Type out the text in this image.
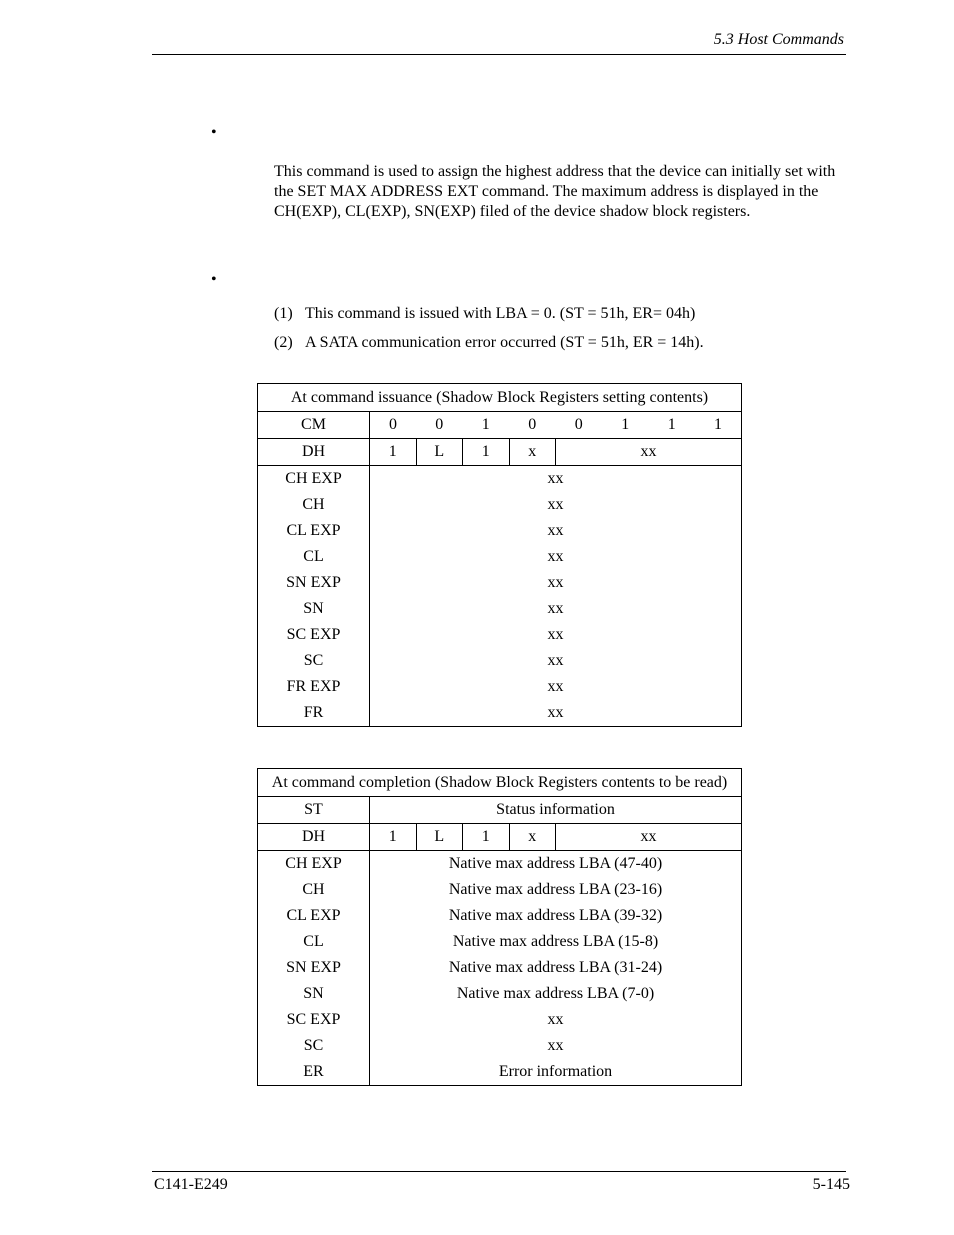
5.3 Host Commands
•
This command is used to assign the highest address that the device can initially set with the SET MAX ADDRESS EXT command. The maximum address is displayed in the CH(EXP), CL(EXP), SN(EXP) filed of the device shadow block registers.
•
(1) This command is issued with LBA = 0. (ST = 51h, ER= 04h)
(2) A SATA communication error occurred (ST = 51h, ER = 14h).
At command issuance (Shadow Block Registers setting contents)								
CM	0	0	1	0	0	1	1	1
DH	1	L	1	x	xx			
CH EXP	xx							
CH	xx							
CL EXP	xx							
CL	xx							
SN EXP	xx							
SN	xx							
SC EXP	xx							
SC	xx							
FR EXP	xx							
FR	xx							
At command completion (Shadow Block Registers contents to be read)					
ST	Status information				
DH	1	L	1	x	xx
CH EXP	Native max address LBA (47-40)				
CH	Native max address LBA (23-16)				
CL EXP	Native max address LBA (39-32)				
CL	Native max address LBA (15-8)				
SN EXP	Native max address LBA (31-24)				
SN	Native max address LBA (7-0)				
SC EXP	xx				
SC	xx				
ER	Error information				
C141-E249	5-145
